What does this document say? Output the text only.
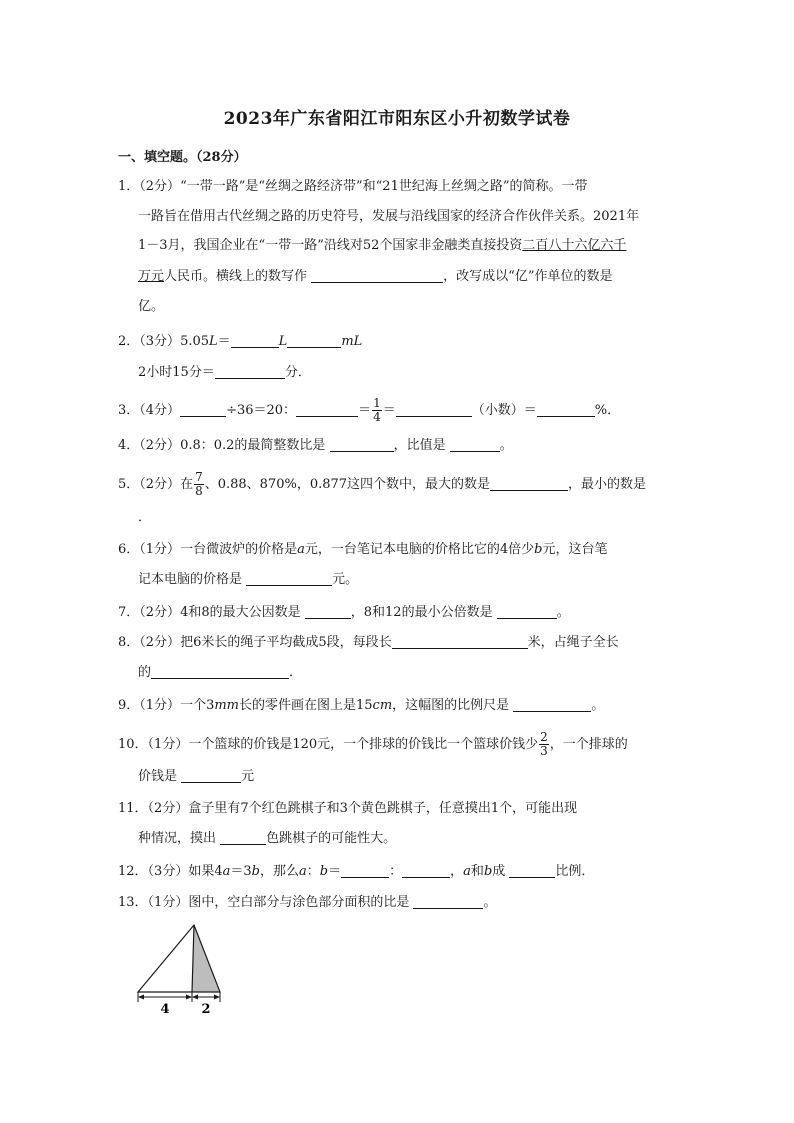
2023年广东省阳江市阳东区小升初数学试卷
一、填空题。（28分）
1．（2分）“一带一路”是“丝绸之路经济带”和“21世纪海上丝绸之路”的简称。一带
一路旨在借用古代丝绸之路的历史符号，发展与沿线国家的经济合作伙伴关系。2021年
1－3月，我国企业在“一带一路”沿线对52个国家非金融类直接投资二百八十六亿六千
万元人民币。横线上的数写作	，改写成以“亿”作单位的数是
亿。
2．（3分）5.05L＝	L	mL
2小时15分＝	分．
3．（4分）	÷36＝20：	＝ $\frac{1}{4}$ ＝	（小数）＝	%．
4．（2分）0.8：0.2的最简整数比是	，比值是	。
5．（2分）在 $\frac{7}{8}$ 、0.88、870%，0.877这四个数中，最大的数是	，最小的数是
．
6．（1分）一台微波炉的价格是a元，一台笔记本电脑的价格比它的4倍少b元，这台笔
记本电脑的价格是	元。
7．（2分）4和8的最大公因数是	，8和12的最小公倍数是	。
8．（2分）把6米长的绳子平均截成5段，每段长	米，占绳子全长
的	．
9．（1分）一个3mm长的零件画在图上是15cm，这幅图的比例尺是	。
10．（1分）一个篮球的价钱是120元，一个排球的价钱比一个篮球价钱少 $\frac{2}{3}$ ，一个排球的
价钱是	元
11．（2分）盒子里有7个红色跳棋子和3个黄色跳棋子，任意摸出1个，可能出现
种情况，摸出	色跳棋子的可能性大。
12．（3分）如果4a＝3b，那么a：b＝	：	，a和b成	比例．
13．（1分）图中，空白部分与涂色部分面积的比是	。
4 2
